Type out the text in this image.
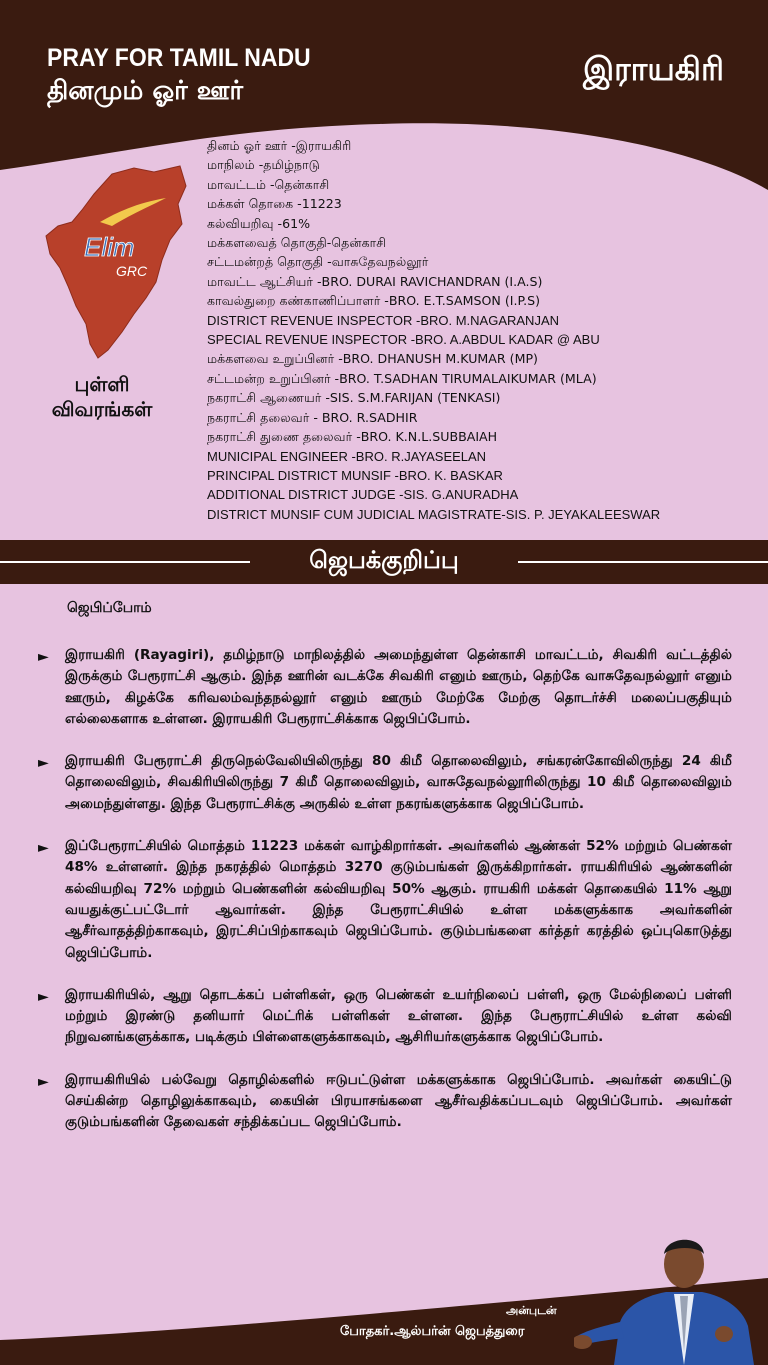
PRAY FOR TAMIL NADU
தினமும் ஓர் ஊர்
இராயகிரி
Elim
GRC
புள்ளி
விவரங்கள்
தினம் ஓர் ஊர் -இராயகிரி
மாநிலம் -தமிழ்நாடு
மாவட்டம் -தென்காசி
மக்கள் தொகை -11223
கல்வியறிவு -61%
மக்களவைத் தொகுதி-தென்காசி
சட்டமன்றத் தொகுதி -வாசுதேவநல்லூர்
மாவட்ட ஆட்சியர் -BRO. DURAI RAVICHANDRAN (I.A.S)
காவல்துறை கண்காணிப்பாளர் -BRO. E.T.SAMSON (I.P.S)
DISTRICT REVENUE INSPECTOR -BRO. M.NAGARANJAN
SPECIAL REVENUE INSPECTOR -BRO. A.ABDUL KADAR @ ABU
மக்களவை உறுப்பினர் -BRO. DHANUSH M.KUMAR (MP)
சட்டமன்ற உறுப்பினர் -BRO. T.SADHAN TIRUMALAIKUMAR (MLA)
நகராட்சி ஆணையர் -SIS. S.M.FARIJAN (TENKASI)
நகராட்சி தலைவர் - BRO. R.SADHIR
நகராட்சி துணை தலைவர் -BRO. K.N.L.SUBBAIAH
MUNICIPAL ENGINEER -BRO. R.JAYASEELAN
PRINCIPAL DISTRICT MUNSIF -BRO. K. BASKAR
ADDITIONAL DISTRICT JUDGE -SIS. G.ANURADHA
DISTRICT MUNSIF CUM JUDICIAL MAGISTRATE-SIS. P. JEYAKALEESWAR
ஜெபக்குறிப்பு
ஜெபிப்போம்
► இராயகிரி (Rayagiri), தமிழ்நாடு மாநிலத்தில் அமைந்துள்ள தென்காசி மாவட்டம், சிவகிரி வட்டத்தில் இருக்கும் பேரூராட்சி ஆகும். இந்த ஊரின் வடக்கே சிவகிரி எனும் ஊரும், தெற்கே வாசுதேவநல்லூர் எனும் ஊரும், கிழக்கே கரிவலம்வந்தநல்லூர் எனும் ஊரும் மேற்கே மேற்கு தொடர்ச்சி மலைப்பகுதியும் எல்லைகளாக உள்ளன. இராயகிரி பேரூராட்சிக்காக ஜெபிப்போம்.
► இராயகிரி பேரூராட்சி திருநெல்வேலியிலிருந்து 80 கிமீ தொலைவிலும், சங்கரன்கோவிலிருந்து 24 கிமீ தொலைவிலும், சிவகிரியிலிருந்து 7 கிமீ தொலைவிலும், வாசுதேவநல்லூரிலிருந்து 10 கிமீ தொலைவிலும் அமைந்துள்ளது. இந்த பேரூராட்சிக்கு அருகில் உள்ள நகரங்களுக்காக ஜெபிப்போம்.
► இப்பேரூராட்சியில் மொத்தம் 11223 மக்கள் வாழ்கிறார்கள். அவர்களில் ஆண்கள் 52% மற்றும் பெண்கள் 48% உள்ளனர். இந்த நகரத்தில் மொத்தம் 3270 குடும்பங்கள் இருக்கிறார்கள். ராயகிரியில் ஆண்களின் கல்வியறிவு 72% மற்றும் பெண்களின் கல்வியறிவு 50% ஆகும். ராயகிரி மக்கள் தொகையில் 11% ஆறு வயதுக்குட்பட்டோர் ஆவார்கள். இந்த பேரூராட்சியில் உள்ள மக்களுக்காக அவர்களின் ஆசீர்வாதத்திற்காகவும், இரட்சிப்பிற்காகவும் ஜெபிப்போம். குடும்பங்களை கர்த்தர் கரத்தில் ஒப்புகொடுத்து ஜெபிப்போம்.
► இராயகிரியில், ஆறு தொடக்கப் பள்ளிகள், ஒரு பெண்கள் உயர்நிலைப் பள்ளி, ஒரு மேல்நிலைப் பள்ளி மற்றும் இரண்டு தனியார் மெட்ரிக் பள்ளிகள் உள்ளன. இந்த பேரூராட்சியில் உள்ள கல்வி நிறுவனங்களுக்காக, படிக்கும் பிள்ளைகளுக்காகவும், ஆசிரியர்களுக்காக ஜெபிப்போம்.
► இராயகிரியில் பல்வேறு தொழில்களில் ஈடுபட்டுள்ள மக்களுக்காக ஜெபிப்போம். அவர்கள் கையிட்டு செய்கின்ற தொழிலுக்காகவும், கையின் பிரயாசங்களை ஆசீர்வதிக்கப்படவும் ஜெபிப்போம். அவர்கள் குடும்பங்களின் தேவைகள் சந்திக்கப்பட ஜெபிப்போம்.
அன்புடன்
போதகர்.ஆல்பர்ன் ஜெபத்துரை
